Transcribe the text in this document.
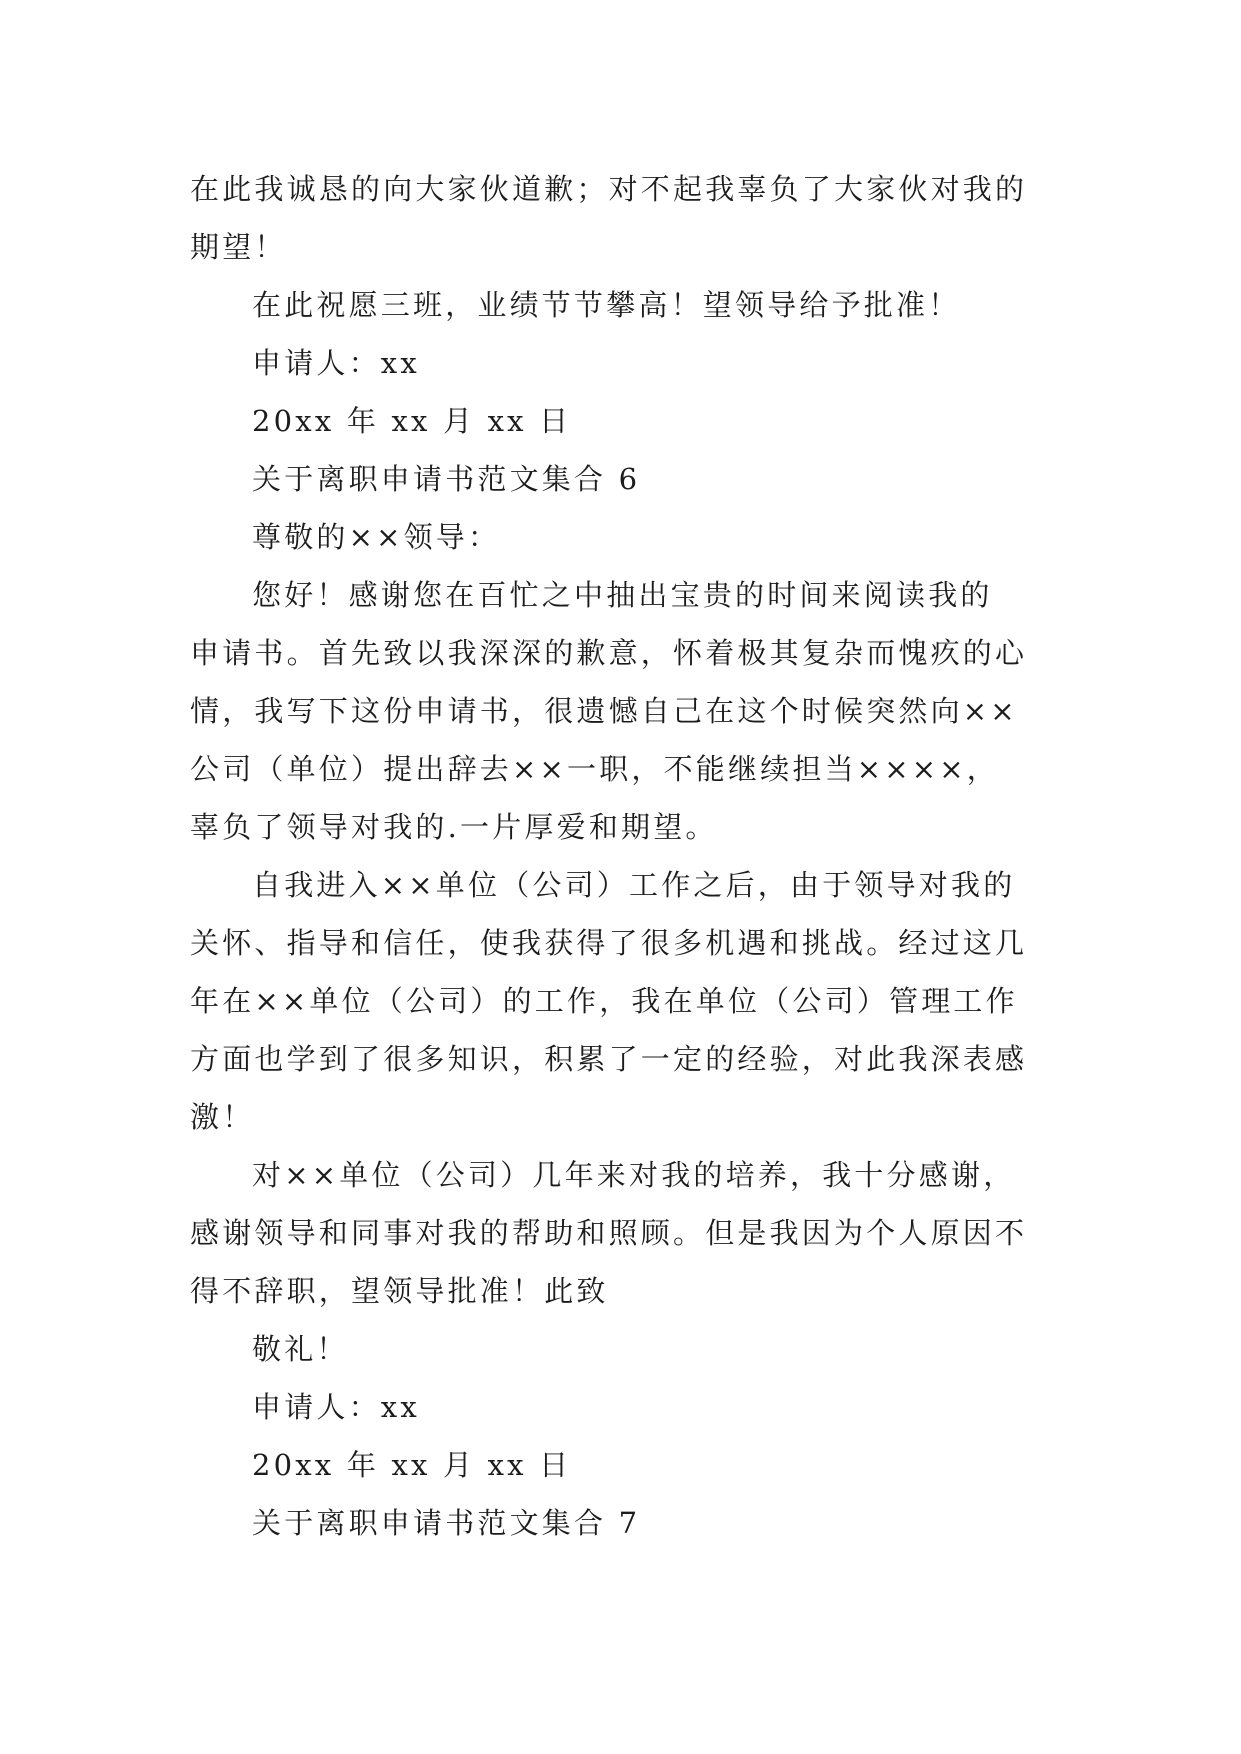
在此我诚恳的向大家伙道歉；对不起我辜负了大家伙对我的
期望！
在此祝愿三班，业绩节节攀高！望领导给予批准！
申请人：xx
20xx 年 xx 月 xx 日
关于离职申请书范文集合 6
尊敬的××领导：
您好！感谢您在百忙之中抽出宝贵的时间来阅读我的
申请书。首先致以我深深的歉意，怀着极其复杂而愧疚的心
情，我写下这份申请书，很遗憾自己在这个时候突然向××
公司（单位）提出辞去××一职，不能继续担当××××，
辜负了领导对我的.一片厚爱和期望。
自我进入××单位（公司）工作之后，由于领导对我的
关怀、指导和信任，使我获得了很多机遇和挑战。经过这几
年在××单位（公司）的工作，我在单位（公司）管理工作
方面也学到了很多知识，积累了一定的经验，对此我深表感
激！
对××单位（公司）几年来对我的培养，我十分感谢，
感谢领导和同事对我的帮助和照顾。但是我因为个人原因不
得不辞职，望领导批准！此致
敬礼！
申请人：xx
20xx 年 xx 月 xx 日
关于离职申请书范文集合 7
